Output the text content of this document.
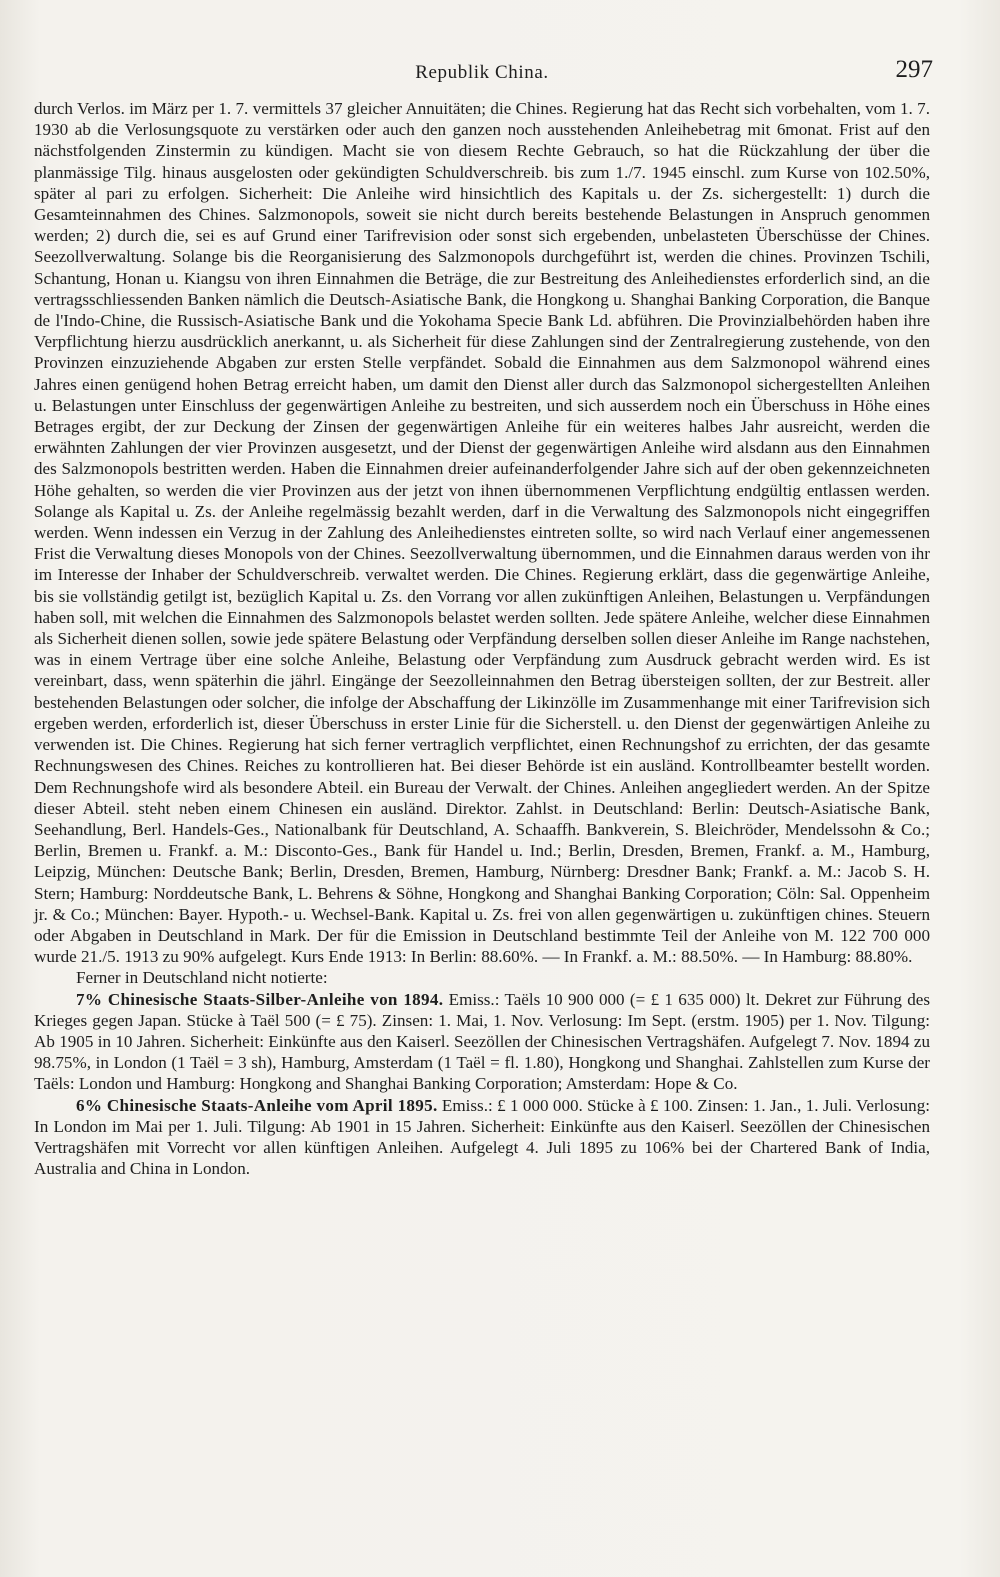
Republik China.	297

durch Verlos. im März per 1. 7. vermittels 37 gleicher Annuitäten; die Chines. Regierung hat das Recht sich vorbehalten, vom 1. 7. 1930 ab die Verlosungsquote zu verstärken oder auch den ganzen noch ausstehenden Anleihebetrag mit 6monat. Frist auf den nächstfolgenden Zinstermin zu kündigen. Macht sie von diesem Rechte Gebrauch, so hat die Rückzahlung der über die planmässige Tilg. hinaus ausgelosten oder gekündigten Schuldverschreib. bis zum 1./7. 1945 einschl. zum Kurse von 102.50%, später al pari zu erfolgen. Sicherheit: Die Anleihe wird hinsichtlich des Kapitals u. der Zs. sichergestellt: 1) durch die Gesamteinnahmen des Chines. Salzmonopols, soweit sie nicht durch bereits bestehende Belastungen in Anspruch genommen werden; 2) durch die, sei es auf Grund einer Tarifrevision oder sonst sich ergebenden, unbelasteten Überschüsse der Chines. Seezollverwaltung. Solange bis die Reorganisierung des Salzmonopols durchgeführt ist, werden die chines. Provinzen Tschili, Schantung, Honan u. Kiangsu von ihren Einnahmen die Beträge, die zur Bestreitung des Anleihedienstes erforderlich sind, an die vertragsschliessenden Banken nämlich die Deutsch-Asiatische Bank, die Hongkong u. Shanghai Banking Corporation, die Banque de l'Indo-Chine, die Russisch-Asiatische Bank und die Yokohama Specie Bank Ld. abführen. Die Provinzialbehörden haben ihre Verpflichtung hierzu ausdrücklich anerkannt, u. als Sicherheit für diese Zahlungen sind der Zentralregierung zustehende, von den Provinzen einzuziehende Abgaben zur ersten Stelle verpfändet. Sobald die Einnahmen aus dem Salzmonopol während eines Jahres einen genügend hohen Betrag erreicht haben, um damit den Dienst aller durch das Salzmonopol sichergestellten Anleihen u. Belastungen unter Einschluss der gegenwärtigen Anleihe zu bestreiten, und sich ausserdem noch ein Überschuss in Höhe eines Betrages ergibt, der zur Deckung der Zinsen der gegenwärtigen Anleihe für ein weiteres halbes Jahr ausreicht, werden die erwähnten Zahlungen der vier Provinzen ausgesetzt, und der Dienst der gegenwärtigen Anleihe wird alsdann aus den Einnahmen des Salzmonopols bestritten werden. Haben die Einnahmen dreier aufeinanderfolgender Jahre sich auf der oben gekennzeichneten Höhe gehalten, so werden die vier Provinzen aus der jetzt von ihnen übernommenen Verpflichtung endgültig entlassen werden. Solange als Kapital u. Zs. der Anleihe regelmässig bezahlt werden, darf in die Verwaltung des Salzmonopols nicht eingegriffen werden. Wenn indessen ein Verzug in der Zahlung des Anleihedienstes eintreten sollte, so wird nach Verlauf einer angemessenen Frist die Verwaltung dieses Monopols von der Chines. Seezollverwaltung übernommen, und die Einnahmen daraus werden von ihr im Interesse der Inhaber der Schuldverschreib. verwaltet werden. Die Chines. Regierung erklärt, dass die gegenwärtige Anleihe, bis sie vollständig getilgt ist, bezüglich Kapital u. Zs. den Vorrang vor allen zukünftigen Anleihen, Belastungen u. Verpfändungen haben soll, mit welchen die Einnahmen des Salzmonopols belastet werden sollten. Jede spätere Anleihe, welcher diese Einnahmen als Sicherheit dienen sollen, sowie jede spätere Belastung oder Verpfändung derselben sollen dieser Anleihe im Range nachstehen, was in einem Vertrage über eine solche Anleihe, Belastung oder Verpfändung zum Ausdruck gebracht werden wird. Es ist vereinbart, dass, wenn späterhin die jährl. Eingänge der Seezolleinnahmen den Betrag übersteigen sollten, der zur Bestreit. aller bestehenden Belastungen oder solcher, die infolge der Abschaffung der Likinzölle im Zusammenhange mit einer Tarifrevision sich ergeben werden, erforderlich ist, dieser Überschuss in erster Linie für die Sicherstell. u. den Dienst der gegenwärtigen Anleihe zu verwenden ist. Die Chines. Regierung hat sich ferner vertraglich verpflichtet, einen Rechnungshof zu errichten, der das gesamte Rechnungswesen des Chines. Reiches zu kontrollieren hat. Bei dieser Behörde ist ein ausländ. Kontrollbeamter bestellt worden. Dem Rechnungshofe wird als besondere Abteil. ein Bureau der Verwalt. der Chines. Anleihen angegliedert werden. An der Spitze dieser Abteil. steht neben einem Chinesen ein ausländ. Direktor. Zahlst. in Deutschland: Berlin: Deutsch-Asiatische Bank, Seehandlung, Berl. Handels-Ges., Nationalbank für Deutschland, A. Schaaffh. Bankverein, S. Bleichröder, Mendelssohn & Co.; Berlin, Bremen u. Frankf. a. M.: Disconto-Ges., Bank für Handel u. Ind.; Berlin, Dresden, Bremen, Frankf. a. M., Hamburg, Leipzig, München: Deutsche Bank; Berlin, Dresden, Bremen, Hamburg, Nürnberg: Dresdner Bank; Frankf. a. M.: Jacob S. H. Stern; Hamburg: Norddeutsche Bank, L. Behrens & Söhne, Hongkong and Shanghai Banking Corporation; Cöln: Sal. Oppenheim jr. & Co.; München: Bayer. Hypoth.- u. Wechsel-Bank. Kapital u. Zs. frei von allen gegenwärtigen u. zukünftigen chines. Steuern oder Abgaben in Deutschland in Mark. Der für die Emission in Deutschland bestimmte Teil der Anleihe von M. 122 700 000 wurde 21./5. 1913 zu 90% aufgelegt. Kurs Ende 1913: In Berlin: 88.60%. — In Frankf. a. M.: 88.50%. — In Hamburg: 88.80%.

Ferner in Deutschland nicht notierte:

7% Chinesische Staats-Silber-Anleihe von 1894. Emiss.: Taëls 10 900 000 (= £ 1 635 000) lt. Dekret zur Führung des Krieges gegen Japan. Stücke à Taël 500 (= £ 75). Zinsen: 1. Mai, 1. Nov. Verlosung: Im Sept. (erstm. 1905) per 1. Nov. Tilgung: Ab 1905 in 10 Jahren. Sicherheit: Einkünfte aus den Kaiserl. Seezöllen der Chinesischen Vertragshäfen. Aufgelegt 7. Nov. 1894 zu 98.75%, in London (1 Taël = 3 sh), Hamburg, Amsterdam (1 Taël = fl. 1.80), Hongkong und Shanghai. Zahlstellen zum Kurse der Taëls: London und Hamburg: Hongkong and Shanghai Banking Corporation; Amsterdam: Hope & Co.

6% Chinesische Staats-Anleihe vom April 1895. Emiss.: £ 1 000 000. Stücke à £ 100. Zinsen: 1. Jan., 1. Juli. Verlosung: In London im Mai per 1. Juli. Tilgung: Ab 1901 in 15 Jahren. Sicherheit: Einkünfte aus den Kaiserl. Seezöllen der Chinesischen Vertragshäfen mit Vorrecht vor allen künftigen Anleihen. Aufgelegt 4. Juli 1895 zu 106% bei der Chartered Bank of India, Australia and China in London.
